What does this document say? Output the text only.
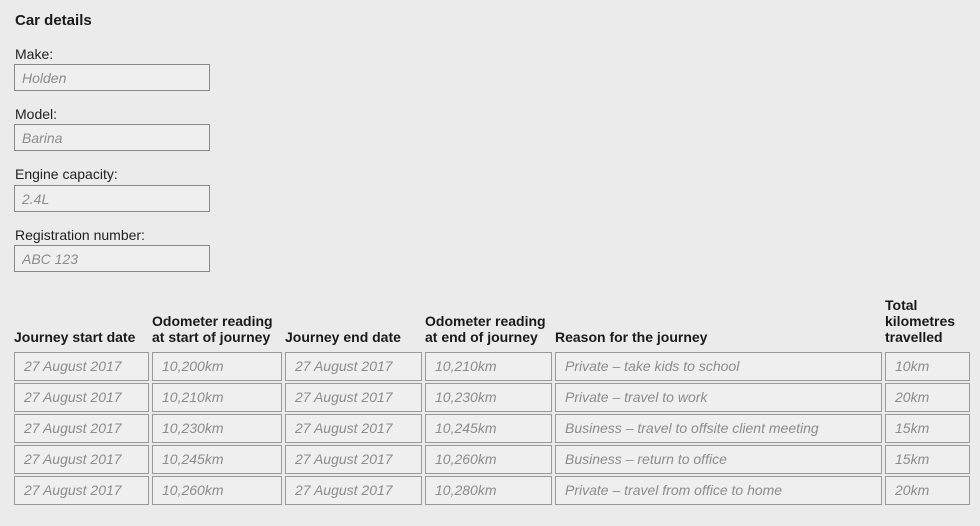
Car details
Make:
Holden
Model:
Barina
Engine capacity:
2.4L
Registration number:
ABC 123
Journey start date	Odometer reading at start of journey	Journey end date	Odometer reading at end of journey	Reason for the journey	Total kilometres travelled

27 August 2017	10,200km	27 August 2017	10,210km	Private – take kids to school	10km

27 August 2017	10,210km	27 August 2017	10,230km	Private – travel to work	20km

27 August 2017	10,230km	27 August 2017	10,245km	Business – travel to offsite client meeting	15km

27 August 2017	10,245km	27 August 2017	10,260km	Business – return to office	15km

27 August 2017	10,260km	27 August 2017	10,280km	Private – travel from office to home	20km
